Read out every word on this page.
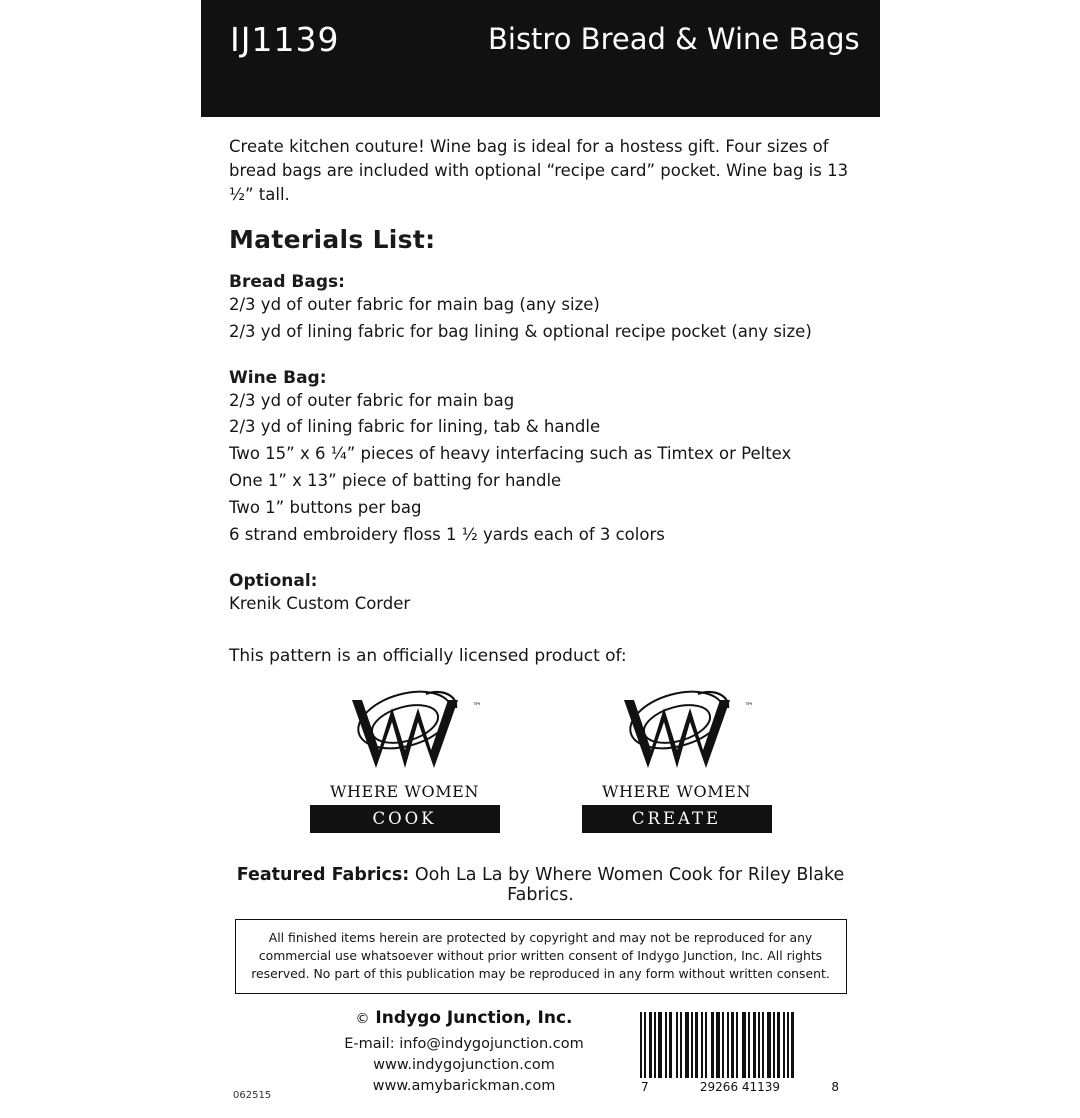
IJ1139	Bistro Bread & Wine Bags

Create kitchen couture! Wine bag is ideal for a hostess gift. Four sizes of bread bags are included with optional “recipe card” pocket. Wine bag is 13 ½” tall.

Materials List:
Bread Bags:
2/3 yd of outer fabric for main bag (any size)
2/3 yd of lining fabric for bag lining & optional recipe pocket (any size)
Wine Bag:
2/3 yd of outer fabric for main bag
2/3 yd of lining fabric for lining, tab & handle
Two 15” x 6 ¼” pieces of heavy interfacing such as Timtex or Peltex
One 1” x 13” piece of batting for handle
Two 1” buttons per bag
6 strand embroidery floss 1 ½ yards each of 3 colors
Optional:
Krenik Custom Corder
This pattern is an officially licensed product of:
™
WHERE WOMEN
COOK
™
WHERE WOMEN
CREATE
Featured Fabrics: Ooh La La by Where Women Cook for Riley Blake Fabrics.
All finished items herein are protected by copyright and may not be reproduced for any commercial use whatsoever without prior written consent of Indygo Junction, Inc. All rights reserved. No part of this publication may be reproduced in any form without written consent.
© Indygo Junction, Inc.
E-mail: info@indygojunction.com
www.indygojunction.com
www.amybarickman.com
062515
7	29266 41139	8
